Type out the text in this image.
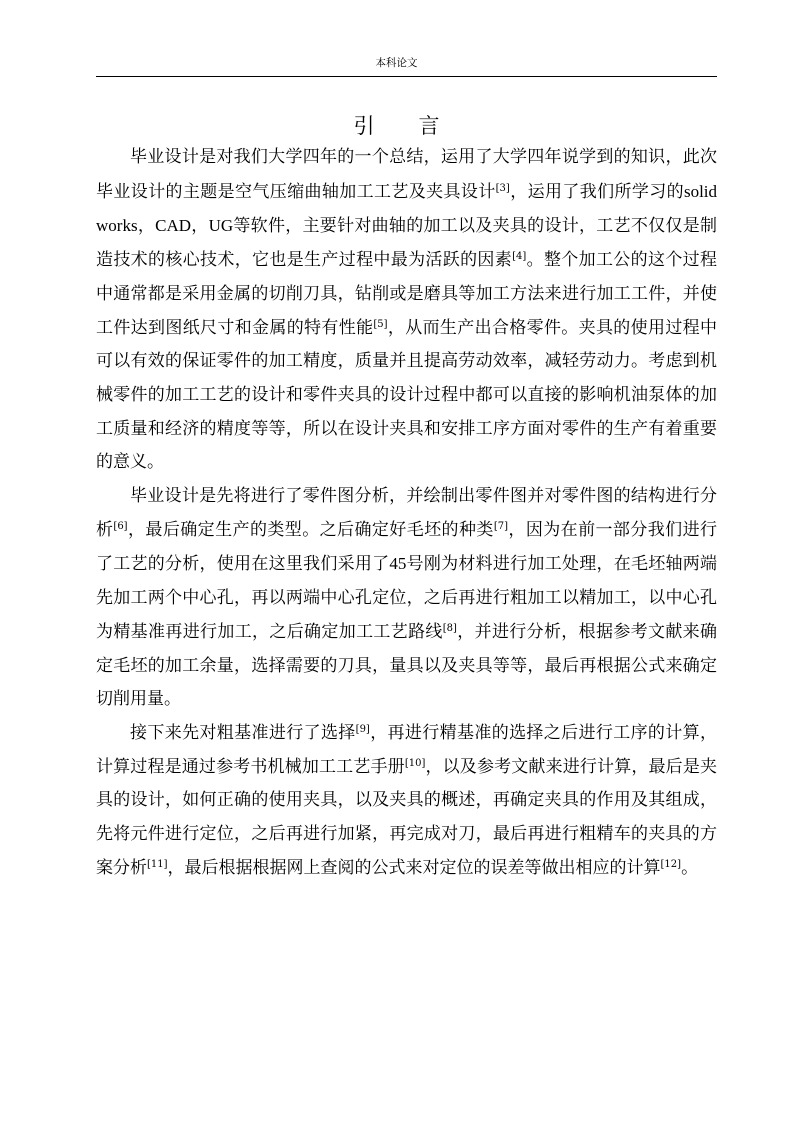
本科论文
引 言

毕业设计是对我们大学四年的一个总结，运用了大学四年说学到的知识，此次毕业设计的主题是空气压缩曲轴加工工艺及夹具设计[3]，运用了我们所学习的solid works，CAD，UG等软件，主要针对曲轴的加工以及夹具的设计，工艺不仅仅是制造技术的核心技术，它也是生产过程中最为活跃的因素[4]。整个加工公的这个过程中通常都是采用金属的切削刀具，钻削或是磨具等加工方法来进行加工工件，并使工件达到图纸尺寸和金属的特有性能[5]，从而生产出合格零件。夹具的使用过程中可以有效的保证零件的加工精度，质量并且提高劳动效率，减轻劳动力。考虑到机械零件的加工工艺的设计和零件夹具的设计过程中都可以直接的影响机油泵体的加工质量和经济的精度等等，所以在设计夹具和安排工序方面对零件的生产有着重要的意义。

毕业设计是先将进行了零件图分析，并绘制出零件图并对零件图的结构进行分析[6]，最后确定生产的类型。之后确定好毛坯的种类[7]，因为在前一部分我们进行了工艺的分析，使用在这里我们采用了45号刚为材料进行加工处理，在毛坯轴两端先加工两个中心孔，再以两端中心孔定位，之后再进行粗加工以精加工，以中心孔为精基准再进行加工，之后确定加工工艺路线[8]，并进行分析，根据参考文献来确定毛坯的加工余量，选择需要的刀具，量具以及夹具等等，最后再根据公式来确定切削用量。

接下来先对粗基准进行了选择[9]，再进行精基准的选择之后进行工序的计算，计算过程是通过参考书机械加工工艺手册[10]，以及参考文献来进行计算，最后是夹具的设计，如何正确的使用夹具，以及夹具的概述，再确定夹具的作用及其组成，先将元件进行定位，之后再进行加紧，再完成对刀，最后再进行粗精车的夹具的方案分析[11]，最后根据根据网上查阅的公式来对定位的误差等做出相应的计算[12]。
